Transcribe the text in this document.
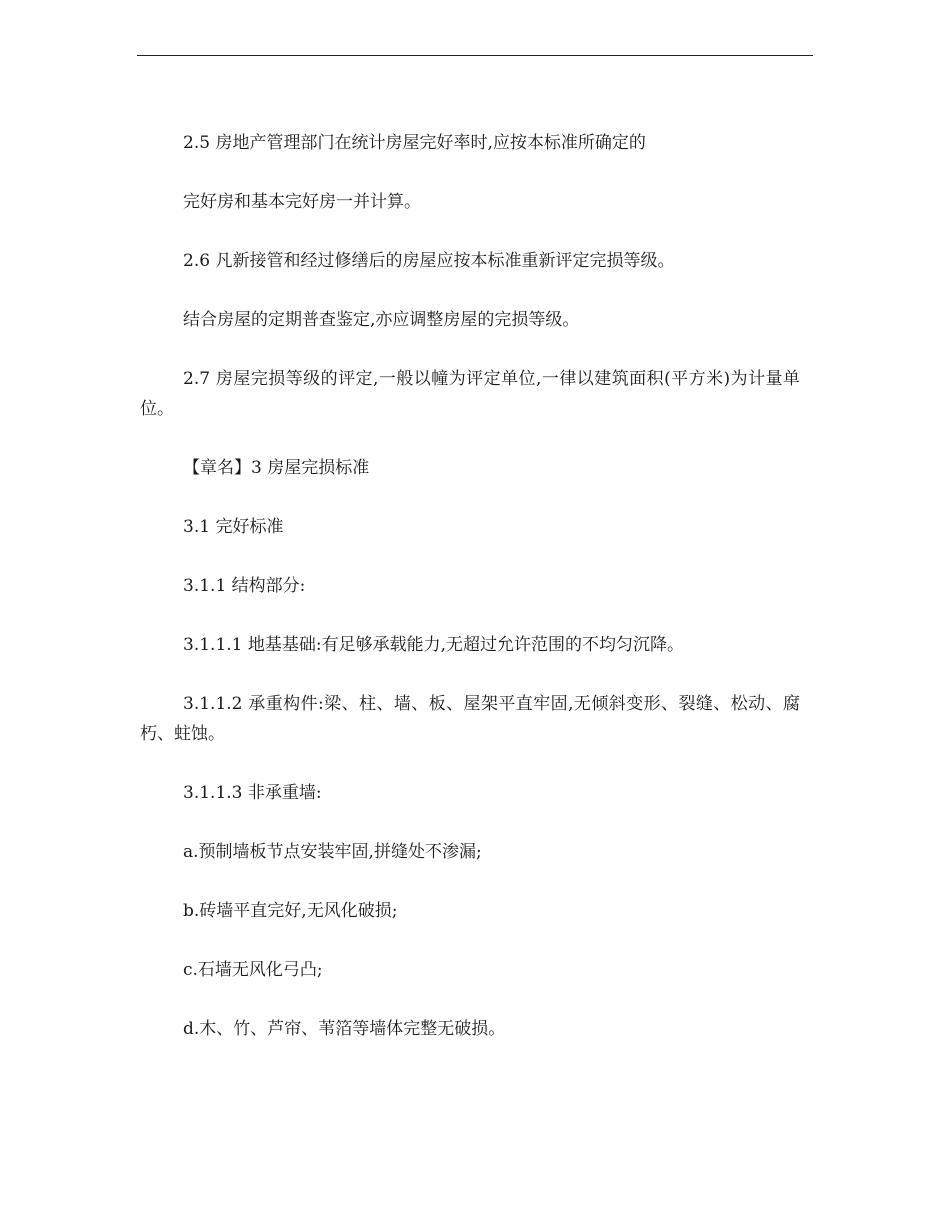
2.5 房地产管理部门在统计房屋完好率时,应按本标准所确定的

完好房和基本完好房一并计算。

2.6 凡新接管和经过修缮后的房屋应按本标准重新评定完损等级。

结合房屋的定期普查鉴定,亦应调整房屋的完损等级。

2.7 房屋完损等级的评定,一般以幢为评定单位,一律以建筑面积(平方米)为计量单位。

【章名】3 房屋完损标准

3.1 完好标准

3.1.1 结构部分:

3.1.1.1 地基基础:有足够承载能力,无超过允许范围的不均匀沉降。

3.1.1.2 承重构件:梁、柱、墙、板、屋架平直牢固,无倾斜变形、裂缝、松动、腐朽、蛀蚀。

3.1.1.3 非承重墙:

a.预制墙板节点安装牢固,拼缝处不渗漏;

b.砖墙平直完好,无风化破损;

c.石墙无风化弓凸;

d.木、竹、芦帘、苇箔等墙体完整无破损。
